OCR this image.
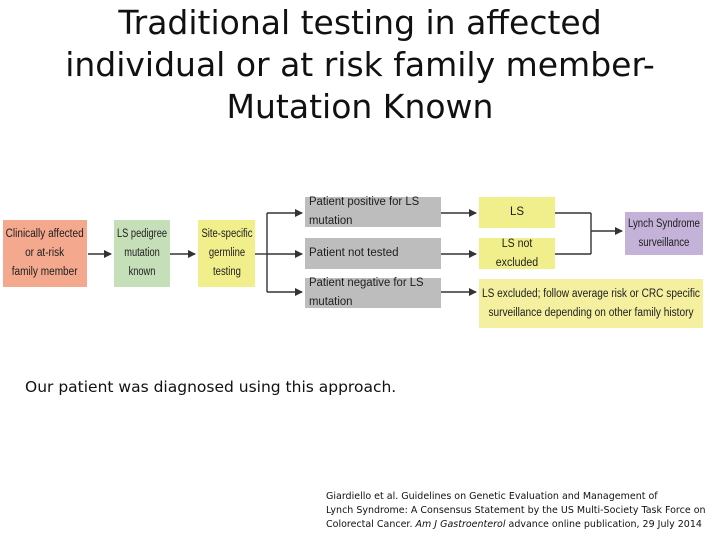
Traditional testing in affected
individual or at risk family member-
Mutation Known
Clinically affected
or at-risk
family member
LS pedigree
mutation
known
Site-specific
germline
testing
Patient positive for LS mutation
Patient not tested
Patient negative for LS mutation
LS
LS not excluded
LS excluded; follow average risk or CRC specific
surveillance depending on other family history
Lynch Syndrome
surveillance
Our patient was diagnosed using this approach.
Giardiello et al. Guidelines on Genetic Evaluation and Management of
Lynch Syndrome: A Consensus Statement by the US Multi-Society Task Force on
Colorectal Cancer. Am J Gastroenterol advance online publication, 29 July 2014
